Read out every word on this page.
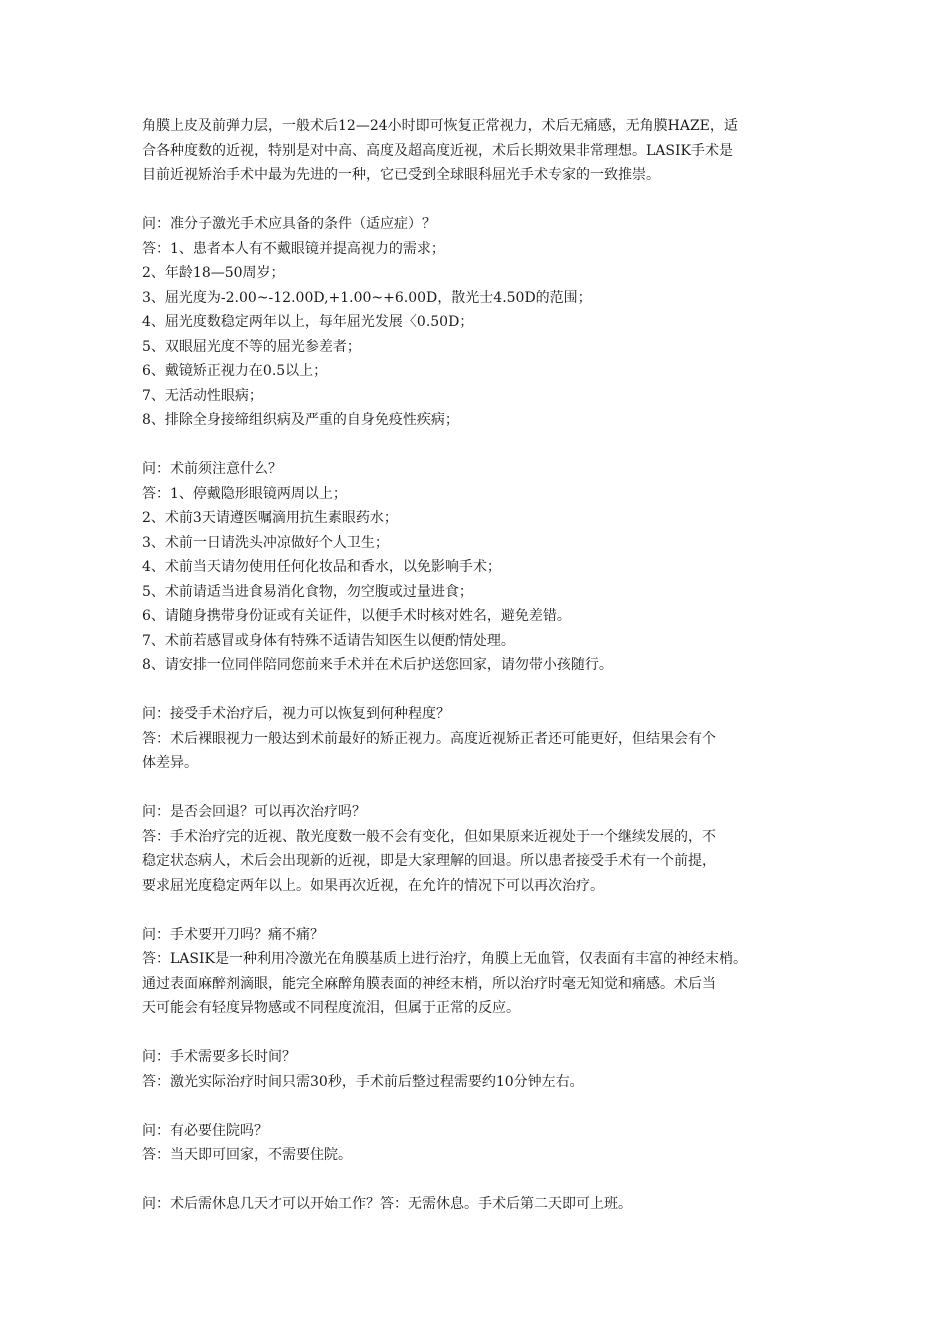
角膜上皮及前弹力层，一般术后12—24小时即可恢复正常视力，术后无痛感，无角膜HAZE，适
合各种度数的近视，特别是对中高、高度及超高度近视，术后长期效果非常理想。LASIK手术是
目前近视矫治手术中最为先进的一种，它已受到全球眼科屈光手术专家的一致推崇。
问：准分子激光手术应具备的条件（适应症）？
答：1、患者本人有不戴眼镜并提高视力的需求；
2、年龄18—50周岁；
3、屈光度为-2.00~-12.00D,+1.00~+6.00D，散光士4.50D的范围；
4、屈光度数稳定两年以上，每年屈光发展〈0.50D；
5、双眼屈光度不等的屈光参差者；
6、戴镜矫正视力在0.5以上；
7、无活动性眼病；
8、排除全身接缔组织病及严重的自身免疫性疾病；
问：术前须注意什么？
答：1、停戴隐形眼镜两周以上；
2、术前3天请遵医嘱滴用抗生素眼药水；
3、术前一日请洗头冲凉做好个人卫生；
4、术前当天请勿使用任何化妆品和香水，以免影响手术；
5、术前请适当进食易消化食物，勿空腹或过量进食；
6、请随身携带身份证或有关证件，以便手术时核对姓名，避免差错。
7、术前若感冒或身体有特殊不适请告知医生以便酌情处理。
8、请安排一位同伴陪同您前来手术并在术后护送您回家，请勿带小孩随行。
问：接受手术治疗后，视力可以恢复到何种程度？
答：术后裸眼视力一般达到术前最好的矫正视力。高度近视矫正者还可能更好，但结果会有个
体差异。
问：是否会回退？可以再次治疗吗？
答：手术治疗完的近视、散光度数一般不会有变化，但如果原来近视处于一个继续发展的，不
稳定状态病人，术后会出现新的近视，即是大家理解的回退。所以患者接受手术有一个前提，
要求屈光度稳定两年以上。如果再次近视，在允许的情况下可以再次治疗。
问：手术要开刀吗？痛不痛？
答：LASIK是一种利用冷激光在角膜基质上进行治疗，角膜上无血管，仅表面有丰富的神经末梢。
通过表面麻醉剂滴眼，能完全麻醉角膜表面的神经末梢，所以治疗时毫无知觉和痛感。术后当
天可能会有轻度异物感或不同程度流泪，但属于正常的反应。
问：手术需要多长时间？
答：激光实际治疗时间只需30秒，手术前后整过程需要约10分钟左右。
问：有必要住院吗？
答：当天即可回家，不需要住院。
问：术后需休息几天才可以开始工作？答：无需休息。手术后第二天即可上班。
